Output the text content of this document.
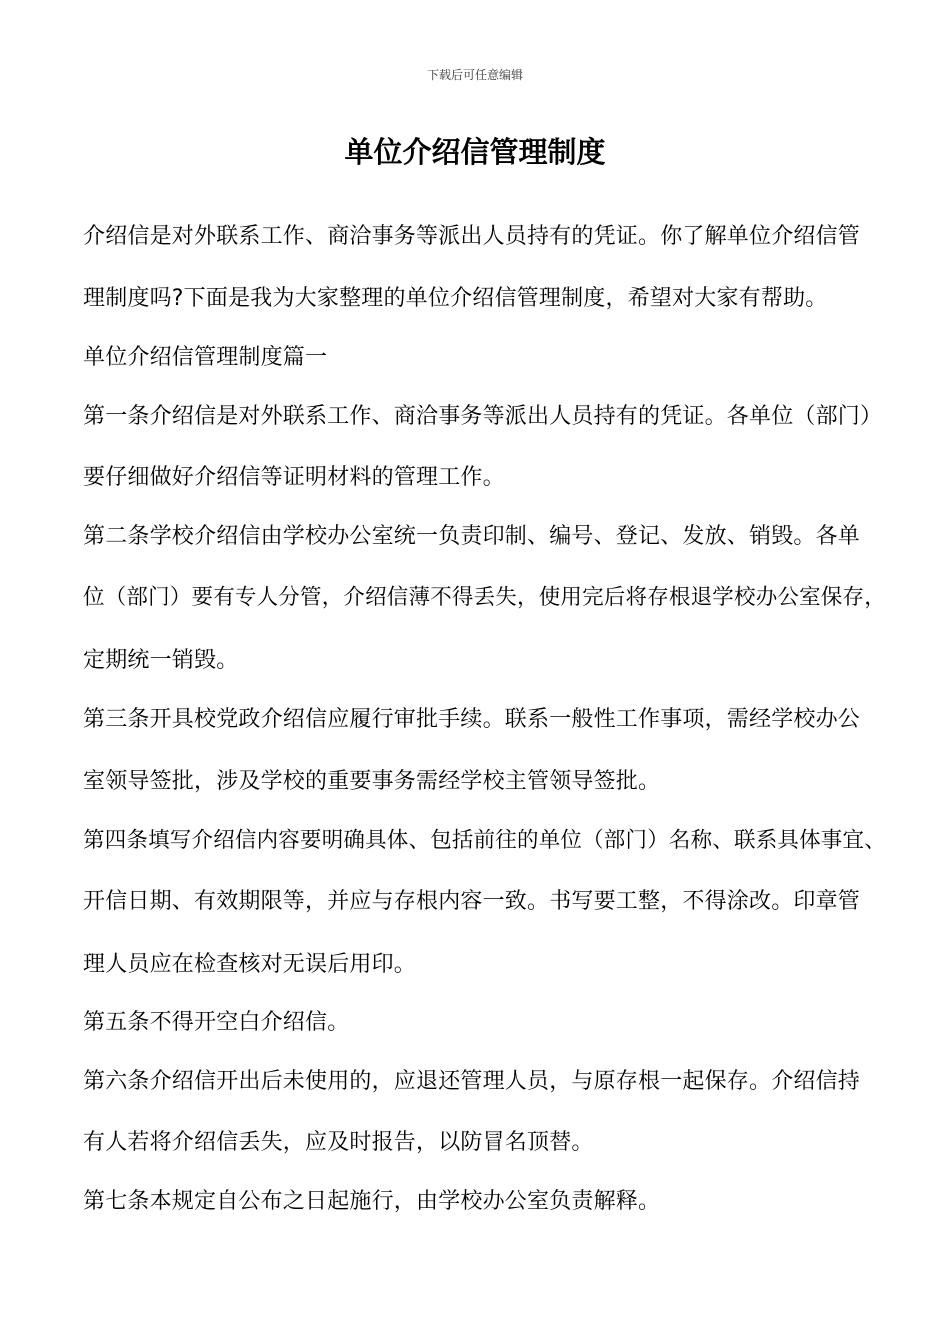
下载后可任意编辑
单位介绍信管理制度
介绍信是对外联系工作、商洽事务等派出人员持有的凭证。你了解单位介绍信管
理制度吗?下面是我为大家整理的单位介绍信管理制度，希望对大家有帮助。
单位介绍信管理制度篇一
第一条介绍信是对外联系工作、商洽事务等派出人员持有的凭证。各单位（部门）
要仔细做好介绍信等证明材料的管理工作。
第二条学校介绍信由学校办公室统一负责印制、编号、登记、发放、销毁。各单
位（部门）要有专人分管，介绍信薄不得丢失，使用完后将存根退学校办公室保存，
定期统一销毁。
第三条开具校党政介绍信应履行审批手续。联系一般性工作事项，需经学校办公
室领导签批，涉及学校的重要事务需经学校主管领导签批。
第四条填写介绍信内容要明确具体、包括前往的单位（部门）名称、联系具体事宜、
开信日期、有效期限等，并应与存根内容一致。书写要工整，不得涂改。印章管
理人员应在检查核对无误后用印。
第五条不得开空白介绍信。
第六条介绍信开出后未使用的，应退还管理人员，与原存根一起保存。介绍信持
有人若将介绍信丢失，应及时报告，以防冒名顶替。
第七条本规定自公布之日起施行，由学校办公室负责解释。
